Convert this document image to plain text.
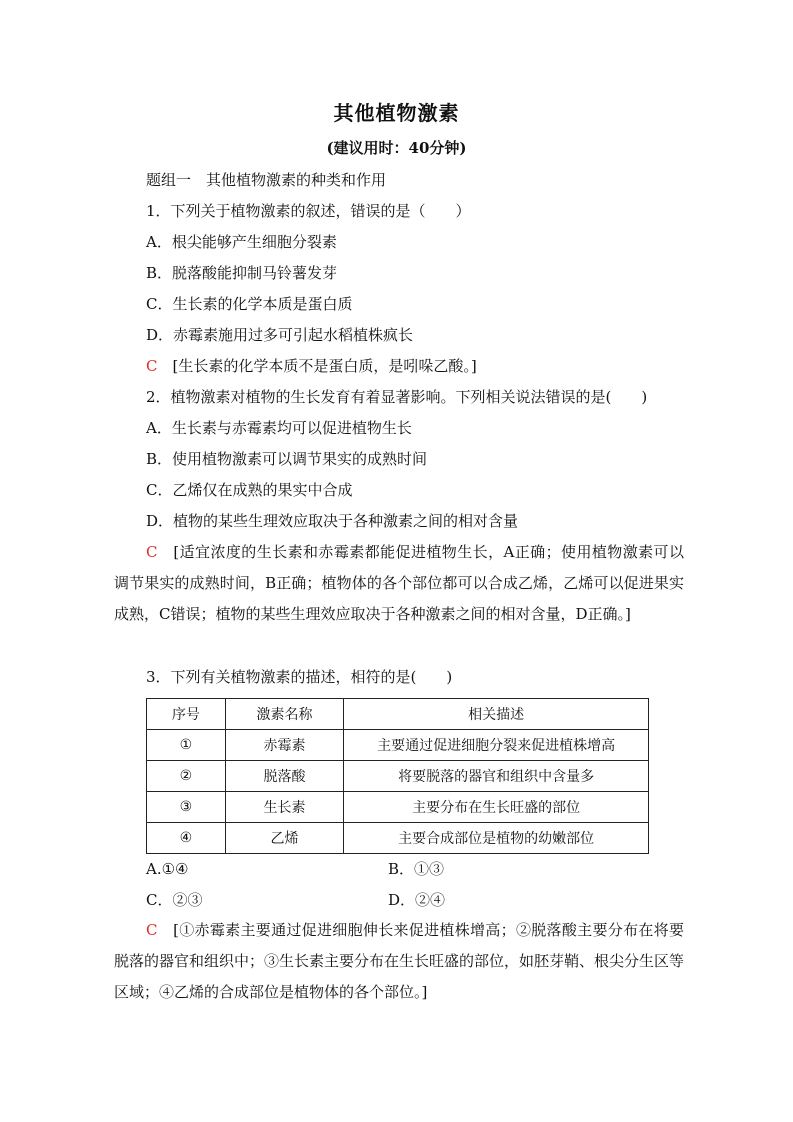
其他植物激素
(建议用时：40分钟)
题组一　其他植物激素的种类和作用
1．下列关于植物激素的叙述，错误的是（　　）
A．根尖能够产生细胞分裂素
B．脱落酸能抑制马铃薯发芽
C．生长素的化学本质是蛋白质
D．赤霉素施用过多可引起水稻植株疯长
C　 [生长素的化学本质不是蛋白质，是吲哚乙酸。]
2．植物激素对植物的生长发育有着显著影响。下列相关说法错误的是(　　)
A．生长素与赤霉素均可以促进植物生长
B．使用植物激素可以调节果实的成熟时间
C．乙烯仅在成熟的果实中合成
D．植物的某些生理效应取决于各种激素之间的相对含量
C　 [适宜浓度的生长素和赤霉素都能促进植物生长，A正确；使用植物激素可以调节果实的成熟时间，B正确；植物体的各个部位都可以合成乙烯，乙烯可以促进果实成熟，C错误；植物的某些生理效应取决于各种激素之间的相对含量，D正确。]
3．下列有关植物激素的描述，相符的是(　　)
序号	激素名称	相关描述
①	赤霉素	主要通过促进细胞分裂来促进植株增高
②	脱落酸	将要脱落的器官和组织中含量多
③	生长素	主要分布在生长旺盛的部位
④	乙烯	主要合成部位是植物的幼嫩部位
A.①④	B．①③
C．②③	D．②④
C　 [①赤霉素主要通过促进细胞伸长来促进植株增高；②脱落酸主要分布在将要脱落的器官和组织中；③生长素主要分布在生长旺盛的部位，如胚芽鞘、根尖分生区等区域；④乙烯的合成部位是植物体的各个部位。]
